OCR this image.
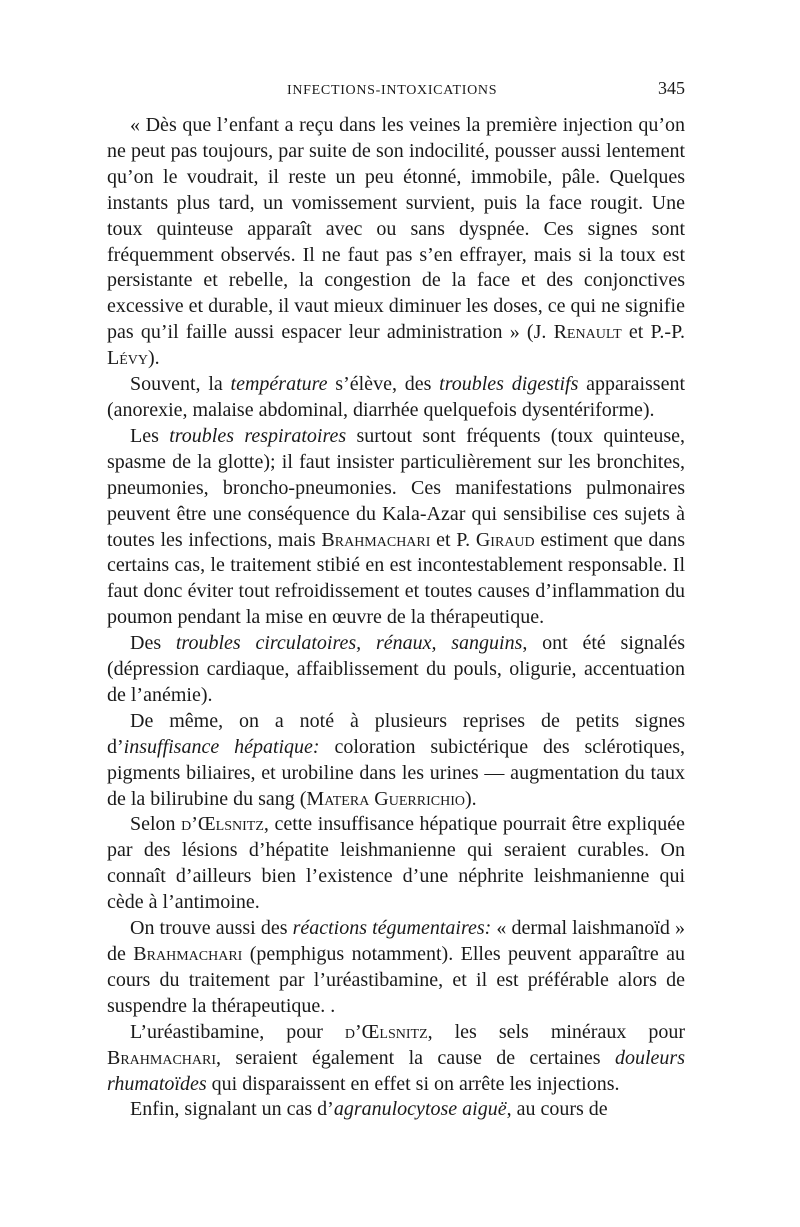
INFECTIONS-INTOXICATIONS	345

« Dès que l’enfant a reçu dans les veines la première injection qu’on ne peut pas toujours, par suite de son indocilité, pousser aussi lentement qu’on le voudrait, il reste un peu étonné, immobile, pâle. Quelques instants plus tard, un vomissement survient, puis la face rougit. Une toux quinteuse apparaît avec ou sans dyspnée. Ces signes sont fréquemment observés. Il ne faut pas s’en effrayer, mais si la toux est persistante et rebelle, la congestion de la face et des conjonctives excessive et durable, il vaut mieux diminuer les doses, ce qui ne signifie pas qu’il faille aussi espacer leur administration » (J. Renault et P.-P. Lévy).

Souvent, la température s’élève, des troubles digestifs apparaissent (anorexie, malaise abdominal, diarrhée quelquefois dysentériforme).

Les troubles respiratoires surtout sont fréquents (toux quinteuse, spasme de la glotte); il faut insister particulièrement sur les bronchites, pneumonies, broncho-pneumonies. Ces manifestations pulmonaires peuvent être une conséquence du Kala-Azar qui sensibilise ces sujets à toutes les infections, mais Brahmachari et P. Giraud estiment que dans certains cas, le traitement stibié en est incontestablement responsable. Il faut donc éviter tout refroidissement et toutes causes d’inflammation du poumon pendant la mise en œuvre de la thérapeutique.

Des troubles circulatoires, rénaux, sanguins, ont été signalés (dépression cardiaque, affaiblissement du pouls, oligurie, accentuation de l’anémie).

De même, on a noté à plusieurs reprises de petits signes d’insuffisance hépatique: coloration subictérique des sclérotiques, pigments biliaires, et urobiline dans les urines — augmentation du taux de la bilirubine du sang (Matera Guerrichio).

Selon d’Œlsnitz, cette insuffisance hépatique pourrait être expliquée par des lésions d’hépatite leishmanienne qui seraient curables. On connaît d’ailleurs bien l’existence d’une néphrite leishmanienne qui cède à l’antimoine.

On trouve aussi des réactions tégumentaires: « dermal laishmanoïd » de Brahmachari (pemphigus notamment). Elles peuvent apparaître au cours du traitement par l’uréastibamine, et il est préférable alors de suspendre la thérapeutique. .

L’uréastibamine, pour d’Œlsnitz, les sels minéraux pour Brahmachari, seraient également la cause de certaines douleurs rhumatoïdes qui disparaissent en effet si on arrête les injections.

Enfin, signalant un cas d’agranulocytose aiguë, au cours de
